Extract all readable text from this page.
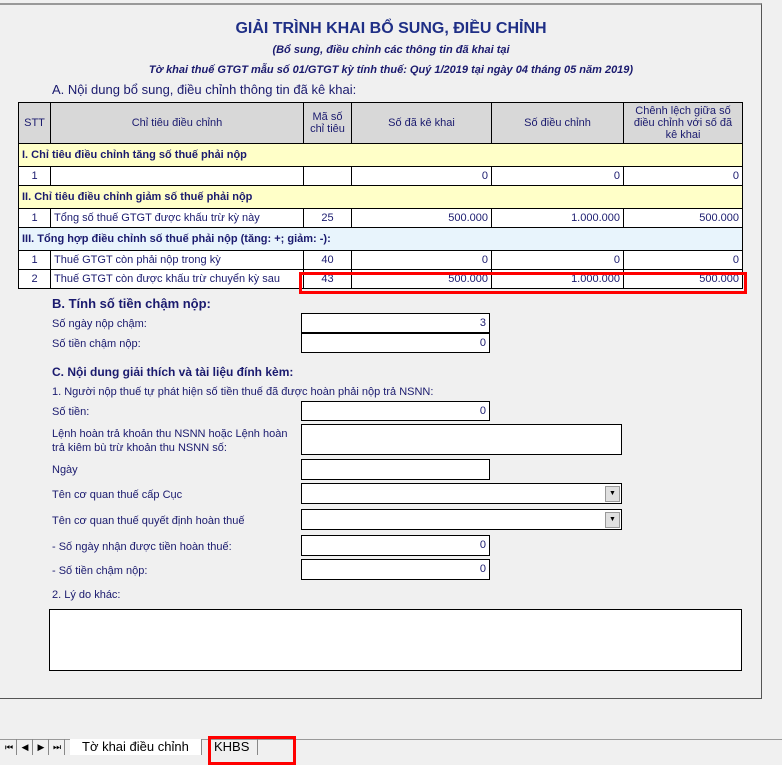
GIẢI TRÌNH KHAI BỔ SUNG, ĐIỀU CHỈNH
(Bổ sung, điều chỉnh các thông tin đã khai tại
Tờ khai thuế GTGT mẫu số 01/GTGT kỳ tính thuế: Quý 1/2019 tại ngày 04 tháng 05 năm 2019)
A. Nội dung bổ sung, điều chỉnh thông tin đã kê khai:
STT	Chỉ tiêu điều chỉnh	Mã số chỉ tiêu	Số đã kê khai	Số điều chỉnh	Chênh lệch giữa số điều chỉnh với số đã kê khai
I. Chỉ tiêu điều chỉnh tăng số thuế phải nộp					
1			0	0	0
II. Chỉ tiêu điều chỉnh giảm số thuế phải nộp					
1	Tổng số thuế GTGT được khấu trừ kỳ này	25	500.000	1.000.000	500.000
III. Tổng hợp điều chỉnh số thuế phải nộp (tăng: +; giảm: -):					
1	Thuế GTGT còn phải nộp trong kỳ	40	0	0	0
2	Thuế GTGT còn được khấu trừ chuyển kỳ sau	43	500.000	1.000.000	500.000
B. Tính số tiền chậm nộp:
Số ngày nộp chậm:	3
Số tiền chậm nộp:	0
C. Nội dung giải thích và tài liệu đính kèm:
1. Người nộp thuế tự phát hiện số tiền thuế đã được hoàn phải nộp trả NSNN:
Số tiền:	0
Lệnh hoàn trả khoản thu NSNN hoặc Lệnh hoàn trả kiêm bù trừ khoản thu NSNN số:
Ngày
Tên cơ quan thuế cấp Cục	▼
Tên cơ quan thuế quyết định hoàn thuế	▼
- Số ngày nhận được tiền hoàn thuế:	0
- Số tiền chậm nộp:	0
2. Lý do khác:
⏮ ◀	▶ ⏭	Tờ khai điều chỉnh	KHBS
